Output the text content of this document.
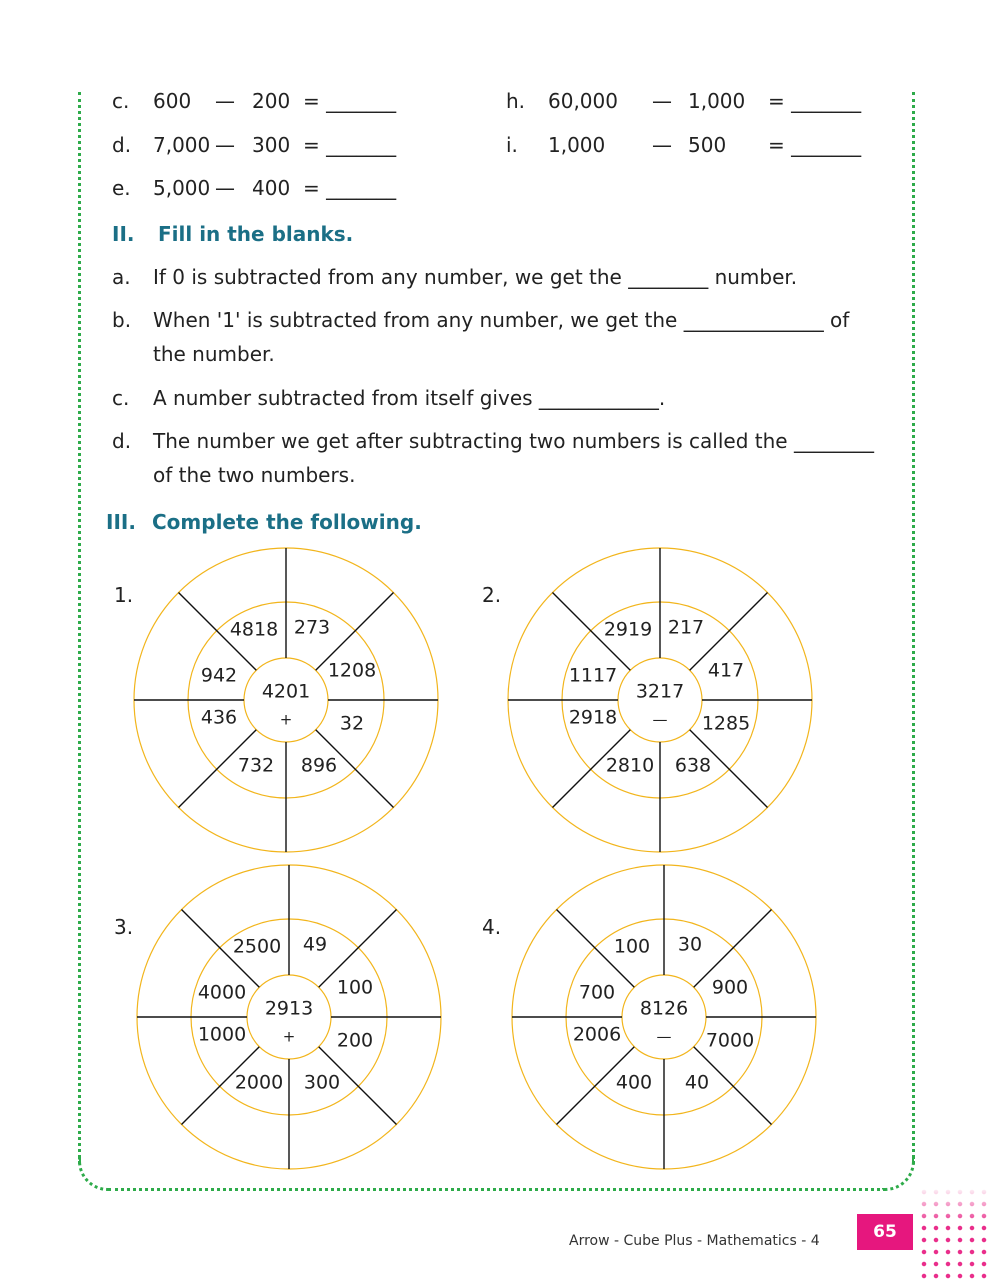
c. 600 — 200 = _______
d. 7,000 — 300 = _______
e. 5,000 — 400 = _______
h. 60,000 — 1,000 = _______
i. 1,000 — 500 = _______
II. Fill in the blanks.
a. If 0 is subtracted from any number, we get the ________ number.
b. When '1' is subtracted from any number, we get the ______________ of
the number.
c. A number subtracted from itself gives ____________.
d. The number we get after subtracting two numbers is called the ________
of the two numbers.
III. Complete the following.
1.	2.
3.	4.
4818 273
1208
32
896
732
436
942
4201
+
2919 217
417
1285
638
2810
2918
1117
3217
—
2500 49
100
200
300
2000
1000
4000
2913
+
100 30
900
7000
40
400
2006
700
8126
—
Arrow - Cube Plus - Mathematics - 4	65
